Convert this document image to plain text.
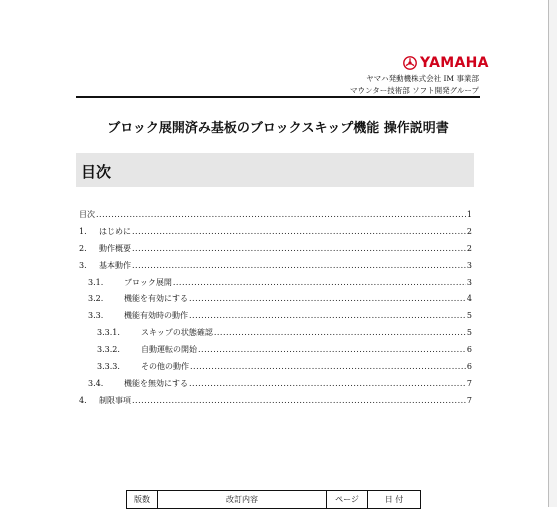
YAMAHA
ヤマハ発動機株式会社 IM 事業部
マウンター技術部 ソフト開発グループ
ブロック展開済み基板のブロックスキップ機能 操作説明書
目次
目次 .....	1
1.	はじめに .....	2
2.	動作概要 .....	2
3.	基本動作 .....	3
3.1.	ブロック展開 .....	3
3.2.	機能を有効にする .....	4
3.3.	機能有効時の動作 .....	5
3.3.1.	スキップの状態確認 .....	5
3.3.2.	自動運転の開始 .....	6
3.3.3.	その他の動作 .....	6
3.4.	機能を無効にする .....	7
4.	制限事項 .....	7
版数	改訂内容	ページ	日 付
